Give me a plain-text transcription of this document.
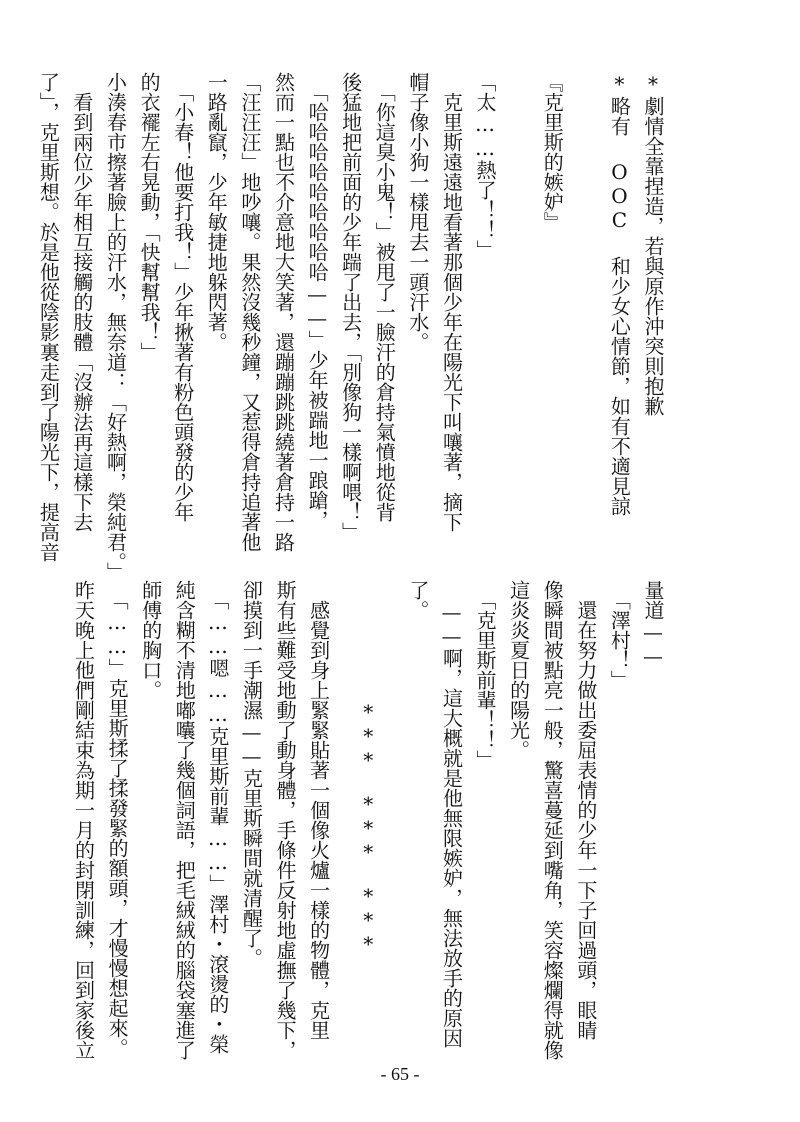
*劇情全靠捏造，若與原作沖突則抱歉
*略有 OOC 和少女心情節，如有不適見諒
『克里斯的嫉妒』
「太……熱了！！」
　克里斯遠遠地看著那個少年在陽光下叫嚷著，摘下
帽子像小狗一樣甩去一頭汗水。
　「你這臭小鬼！」被甩了一臉汗的倉持氣憤地從背
後猛地把前面的少年踹了出去，「別像狗一樣啊喂！」
　「哈哈哈哈哈哈哈哈哈——」少年被踹地一踉蹌，
然而一點也不介意地大笑著，還蹦蹦跳跳繞著倉持一路
「汪汪汪」地吵嚷。果然沒幾秒鐘，又惹得倉持追著他
一路亂竄，少年敏捷地躲閃著。
　「小春！他要打我！」少年揪著有粉色頭發的少年
的衣襬左右晃動，「快幫幫我！」
小湊春市擦著臉上的汗水，無奈道：「好熱啊，榮純君。」
　看到兩位少年相互接觸的肢體「沒辦法再這樣下去
了」，克里斯想。於是他從陰影裏走到了陽光下，提高音
量道——
　「澤村！」
　還在努力做出委屈表情的少年一下子回過頭，眼睛
像瞬間被點亮一般，驚喜蔓延到嘴角，笑容燦爛得就像
這炎炎夏日的陽光。
　「克里斯前輩！！」
　——啊，這大概就是他無限嫉妒，無法放手的原因
了。
　　　　　　***　***　***
　感覺到身上緊緊貼著一個像火爐一樣的物體，克里
斯有些難受地動了動身體，手條件反射地虛撫了幾下，
卻摸到一手潮濕——克里斯瞬間就清醒了。
　「……嗯……克里斯前輩……」澤村・滾燙的・榮
純含糊不清地嘟囔了幾個詞語，把毛絨絨的腦袋塞進了
師傅的胸口。
　「……」克里斯揉了揉發緊的額頭，才慢慢想起來。
昨天晚上他們剛結束為期一月的封閉訓練，回到家後立
- 65 -
